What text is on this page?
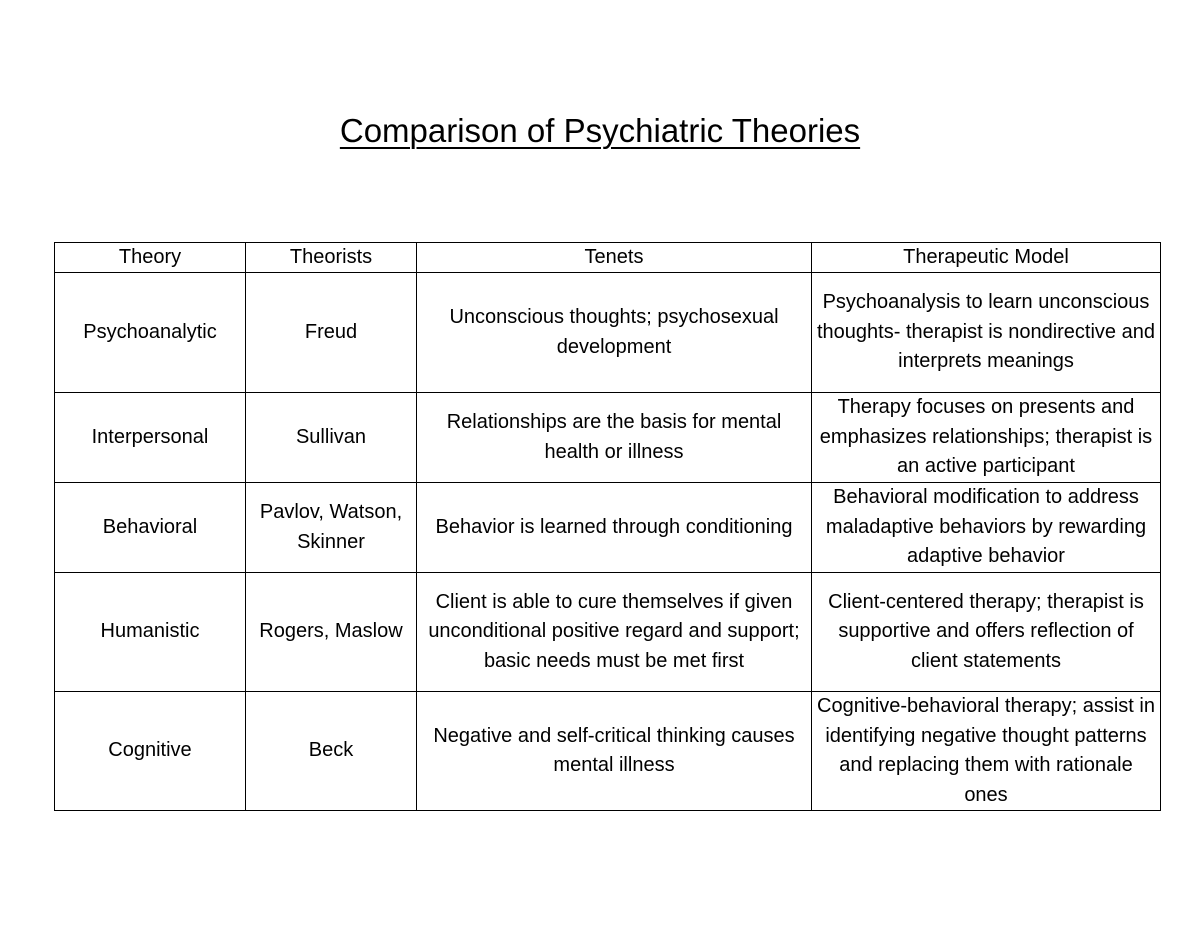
Comparison of Psychiatric Theories
Theory	Theorists	Tenets	Therapeutic Model
Psychoanalytic	Freud	Unconscious thoughts; psychosexual development	Psychoanalysis to learn unconscious thoughts- therapist is nondirective and interprets meanings
Interpersonal	Sullivan	Relationships are the basis for mental health or illness	Therapy focuses on presents and emphasizes relationships; therapist is an active participant
Behavioral	Pavlov, Watson, Skinner	Behavior is learned through conditioning	Behavioral modification to address maladaptive behaviors by rewarding adaptive behavior
Humanistic	Rogers, Maslow	Client is able to cure themselves if given unconditional positive regard and support; basic needs must be met first	Client-centered therapy; therapist is supportive and offers reflection of client statements
Cognitive	Beck	Negative and self-critical thinking causes mental illness	Cognitive-behavioral therapy; assist in identifying negative thought patterns and replacing them with rationale ones
